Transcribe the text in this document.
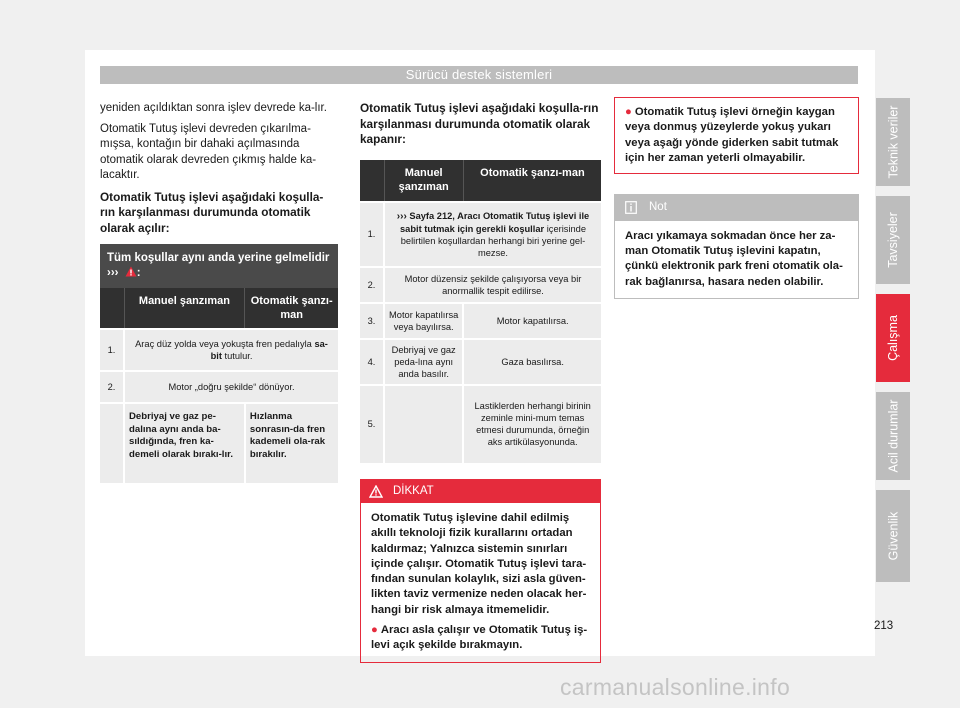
Sürücü destek sistemleri

yeniden açıldıktan sonra işlev devrede ka-lır.

Otomatik Tutuş işlevi devreden çıkarılma-mışsa, kontağın bir dahaki açılmasında otomatik olarak devreden çıkmış halde ka-lacaktır.

Otomatik Tutuş işlevi aşağıdaki koşulla-rın karşılanması durumunda otomatik olarak açılır:
Tüm koşullar aynı anda yerine gelmelidir
››› :
	Manuel şanzıman	Otomatik şanzı-man
1.	Araç düz yolda veya yokuşta fren pedalıyla sa-bit tutulur.	
2.	Motor „doğru şekilde“ dönüyor.	
	Debriyaj ve gaz pe-dalına aynı anda ba-sıldığında, fren ka-demeli olarak bırakı-lır.	Hızlanma sonrasın-da fren kademeli ola-rak bırakılır.
Otomatik Tutuş işlevi aşağıdaki koşulla-rın karşılanması durumunda otomatik olarak kapanır:
	Manuel şanzıman	Otomatik şanzı-man
1.	››› Sayfa 212, Aracı Otomatik Tutuş işlevi ile sabit tutmak için gerekli koşullar içerisinde belirtilen koşullardan herhangi biri yerine gel-mezse.	
2.	Motor düzensiz şekilde çalışıyorsa veya bir anormallik tespit edilirse.	
3.	Motor kapatılırsa veya bayılırsa.	Motor kapatılırsa.
4.	Debriyaj ve gaz peda-lına aynı anda basılır.	Gaza basılırsa.
5.		Lastiklerden herhangi birinin zeminle mini-mum temas etmesi durumunda, örneğin aks artikülasyonunda.
DİKKAT
Otomatik Tutuş işlevine dahil edilmiş akıllı teknoloji fizik kurallarını ortadan kaldırmaz; Yalnızca sistemin sınırları içinde çalışır. Otomatik Tutuş işlevi tara-fından sunulan kolaylık, sizi asla güven-likten taviz vermenize neden olacak her-hangi bir risk almaya itmemelidir.
● Aracı asla çalışır ve Otomatik Tutuş iş-levi açık şekilde bırakmayın.
● Otomatik Tutuş işlevi örneğin kaygan veya donmuş yüzeylerde yokuş yukarı veya aşağı yönde giderken sabit tutmak için her zaman yeterli olmayabilir.
Not
Aracı yıkamaya sokmadan önce her za-man Otomatik Tutuş işlevini kapatın, çünkü elektronik park freni otomatik ola-rak bağlanırsa, hasara neden olabilir.
Teknik veriler
Tavsiyeler
Çalışma
Acil durumlar
Güvenlik
213
carmanualsonline.info
